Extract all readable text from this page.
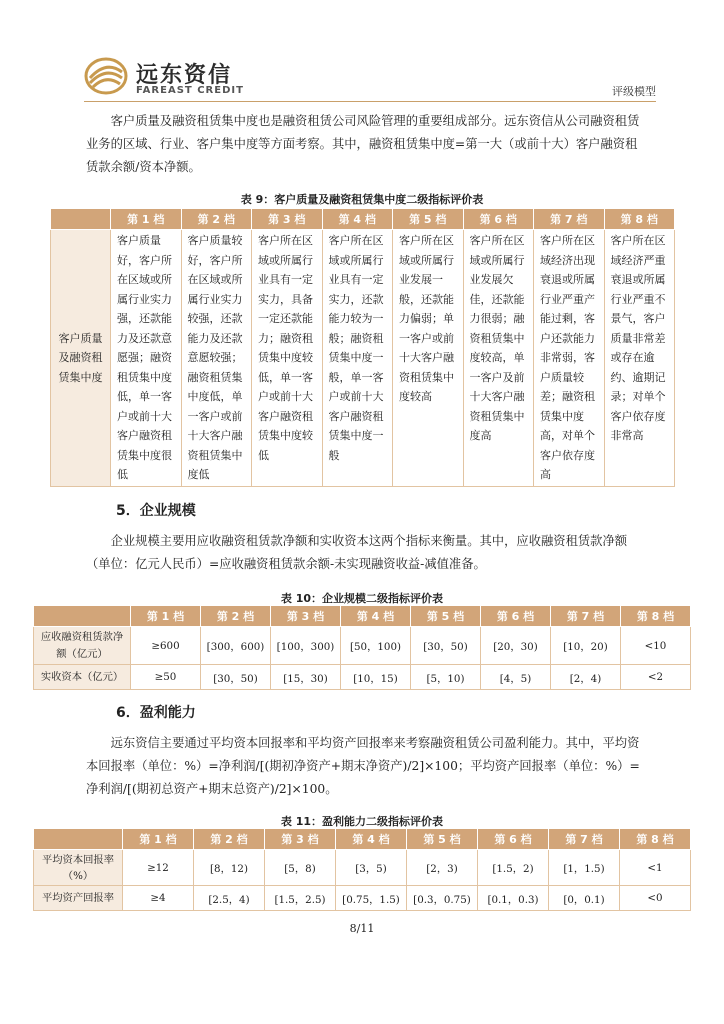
远东资信
FAREAST CREDIT	评级模型
客户质量及融资租赁集中度也是融资租赁公司风险管理的重要组成部分。远东资信从公司融资租赁业务的区域、行业、客户集中度等方面考察。其中，融资租赁集中度=第一大（或前十大）客户融资租赁款余额/资本净额。
表 9：客户质量及融资租赁集中度二级指标评价表
	第 1 档	第 2 档	第 3 档	第 4 档	第 5 档	第 6 档	第 7 档	第 8 档
客户质量及融资租赁集中度	客户质量好，客户所在区域或所属行业实力强，还款能力及还款意愿强；融资租赁集中度低，单一客户或前十大客户融资租赁集中度很低	客户质量较好，客户所在区域或所属行业实力较强，还款能力及还款意愿较强；融资租赁集中度低，单一客户或前十大客户融资租赁集中度低	客户所在区域或所属行业具有一定实力，具备一定还款能力；融资租赁集中度较低，单一客户或前十大客户融资租赁集中度较低	客户所在区域或所属行业具有一定实力，还款能力较为一般；融资租赁集中度一般，单一客户或前十大客户融资租赁集中度一般	客户所在区域或所属行业发展一般，还款能力偏弱；单一客户或前十大客户融资租赁集中度较高	客户所在区域或所属行业发展欠佳，还款能力很弱；融资租赁集中度较高，单一客户及前十大客户融资租赁集中度高	客户所在区域经济出现衰退或所属行业严重产能过剩，客户还款能力非常弱，客户质量较差；融资租赁集中度高，对单个客户依存度高	客户所在区域经济严重衰退或所属行业严重不景气，客户质量非常差或存在逾约、逾期记录；对单个客户依存度非常高
5．企业规模
企业规模主要用应收融资租赁款净额和实收资本这两个指标来衡量。其中，应收融资租赁款净额（单位：亿元人民币）=应收融资租赁款余额-未实现融资收益-减值准备。
表 10：企业规模二级指标评价表
	第 1 档	第 2 档	第 3 档	第 4 档	第 5 档	第 6 档	第 7 档	第 8 档
应收融资租赁款净额（亿元）	≥600	[300，600)	[100，300)	[50，100)	[30，50)	[20，30)	[10，20)	<10
实收资本（亿元）	≥50	[30，50)	[15，30)	[10，15)	[5，10)	[4，5)	[2，4)	<2
6．盈利能力
远东资信主要通过平均资本回报率和平均资产回报率来考察融资租赁公司盈利能力。其中，平均资本回报率（单位：%）=净利润/[(期初净资产+期末净资产)/2]×100；平均资产回报率（单位：%）=净利润/[(期初总资产+期末总资产)/2]×100。
表 11：盈利能力二级指标评价表
	第 1 档	第 2 档	第 3 档	第 4 档	第 5 档	第 6 档	第 7 档	第 8 档
平均资本回报率（%）	≥12	[8，12)	[5，8)	[3，5)	[2，3)	[1.5，2)	[1，1.5)	<1
平均资产回报率	≥4	[2.5，4)	[1.5，2.5)	[0.75，1.5)	[0.3，0.75)	[0.1，0.3)	[0，0.1)	<0
8/11
